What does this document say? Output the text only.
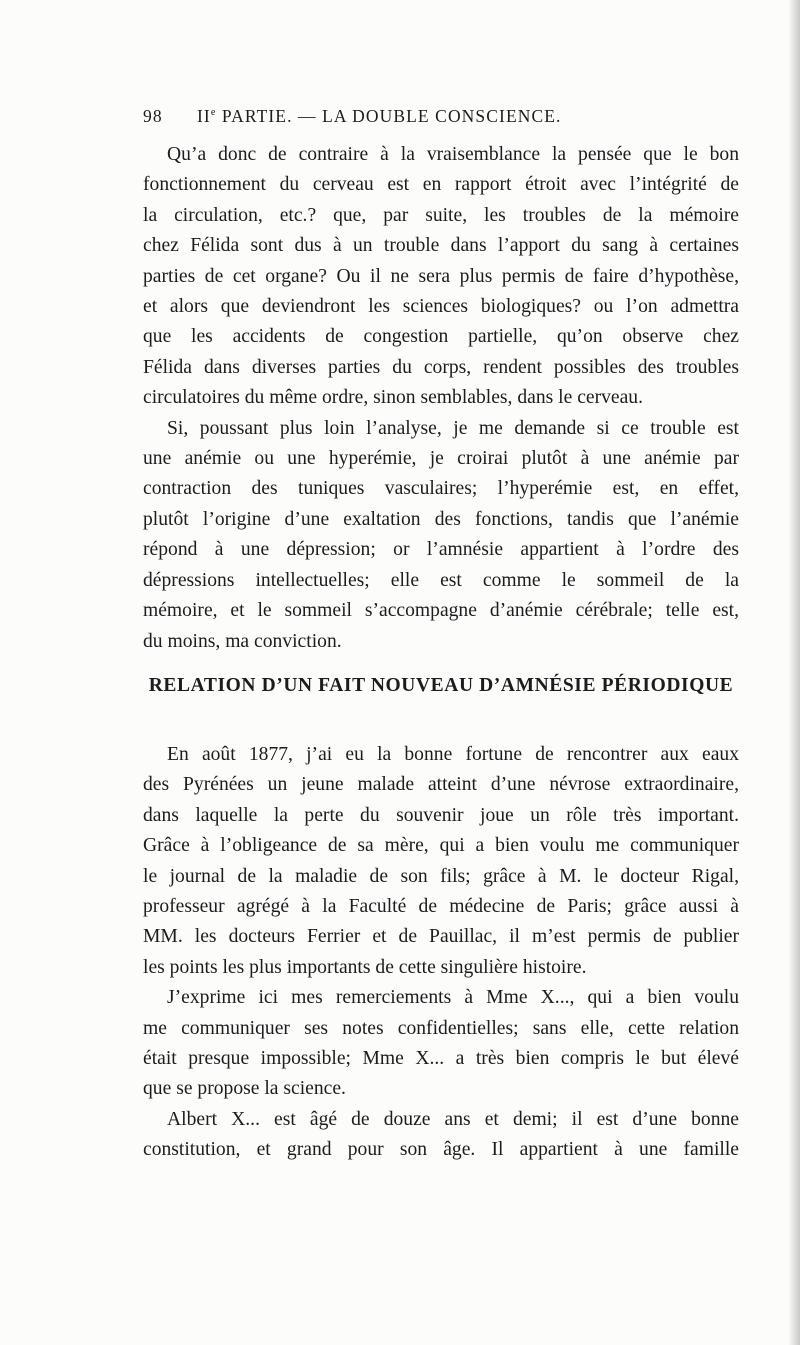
98 IIe PARTIE. — LA DOUBLE CONSCIENCE.
Qu’a donc de contraire à la vraisemblance la pensée que le bon
fonctionnement du cerveau est en rapport étroit avec l’intégrité de
la circulation, etc.? que, par suite, les troubles de la mémoire
chez Félida sont dus à un trouble dans l’apport du sang à certaines
parties de cet organe? Ou il ne sera plus permis de faire d’hypothèse,
et alors que deviendront les sciences biologiques? ou l’on admettra
que les accidents de congestion partielle, qu’on observe chez
Félida dans diverses parties du corps, rendent possibles des troubles
circulatoires du même ordre, sinon semblables, dans le cerveau.
Si, poussant plus loin l’analyse, je me demande si ce trouble est
une anémie ou une hyperémie, je croirai plutôt à une anémie par
contraction des tuniques vasculaires; l’hyperémie est, en effet,
plutôt l’origine d’une exaltation des fonctions, tandis que l’anémie
répond à une dépression; or l’amnésie appartient à l’ordre des
dépressions intellectuelles; elle est comme le sommeil de la
mémoire, et le sommeil s’accompagne d’anémie cérébrale; telle est,
du moins, ma conviction.
RELATION D’UN FAIT NOUVEAU D’AMNÉSIE PÉRIODIQUE
En août 1877, j’ai eu la bonne fortune de rencontrer aux eaux
des Pyrénées un jeune malade atteint d’une névrose extraordinaire,
dans laquelle la perte du souvenir joue un rôle très important.
Grâce à l’obligeance de sa mère, qui a bien voulu me communiquer
le journal de la maladie de son fils; grâce à M. le docteur Rigal,
professeur agrégé à la Faculté de médecine de Paris; grâce aussi à
MM. les docteurs Ferrier et de Pauillac, il m’est permis de publier
les points les plus importants de cette singulière histoire.
J’exprime ici mes remerciements à Mme X..., qui a bien voulu
me communiquer ses notes confidentielles; sans elle, cette relation
était presque impossible; Mme X... a très bien compris le but élevé
que se propose la science.
Albert X... est âgé de douze ans et demi; il est d’une bonne
constitution, et grand pour son âge. Il appartient à une famille
